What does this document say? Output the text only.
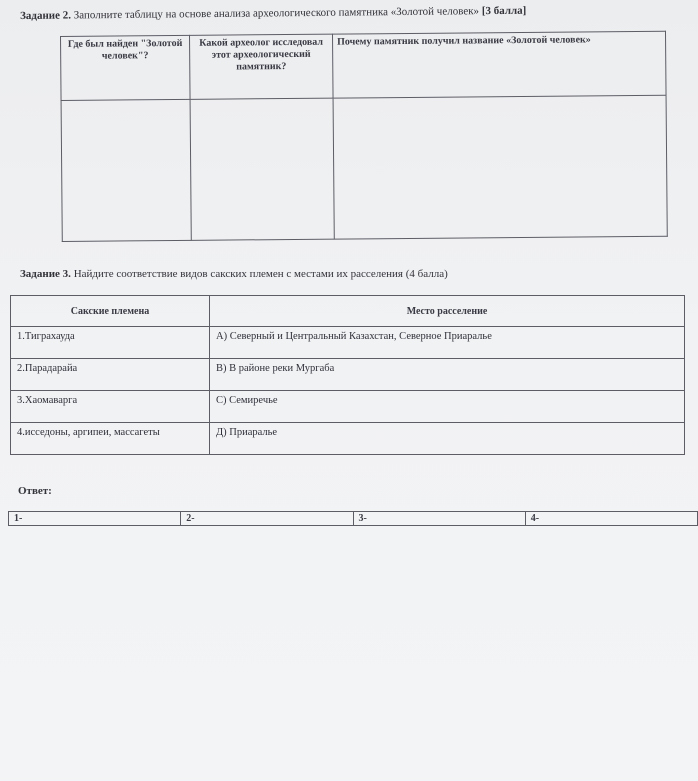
Задание 2. Заполните таблицу на основе анализа археологического памятника «Золотой человек» [3 балла]
Где был найден "Золотой человек"?	Какой археолог исследовал этот археологический памятник?	Почему памятник получил название «Золотой человек»

Задание 3. Найдите соответствие видов сакских племен с местами их расселения (4 балла)
Сакские племена	Место расселение
1.Тиграхауда	А) Северный и Центральный Казахстан, Северное Приаралье
2.Парадарайа	В) В районе реки Мургаба
3.Хаомаварга	С) Семиречье
4.исседоны, аргипеи, массагеты	Д) Приаралье
Ответ:
1-	2-	3-	4-
